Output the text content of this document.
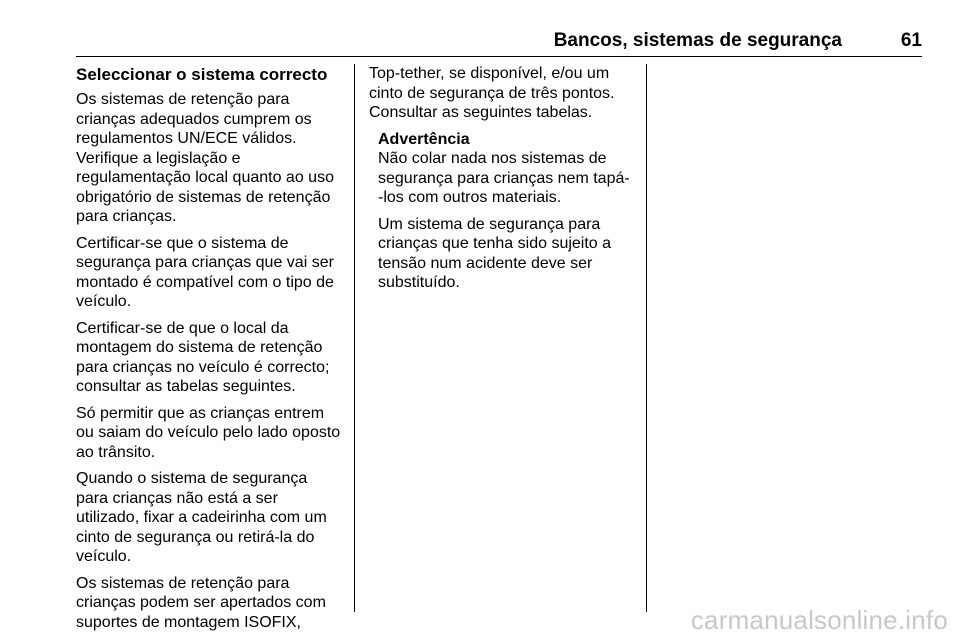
Bancos, sistemas de segurança	61
Seleccionar o sistema correcto

Os sistemas de retenção para crianças adequados cumprem os regulamentos UN/ECE válidos. Verifique a legislação e regulamentação local quanto ao uso obrigatório de sistemas de retenção para crianças.

Certificar-se que o sistema de segurança para crianças que vai ser montado é compatível com o tipo de veículo.

Certificar-se de que o local da montagem do sistema de retenção para crianças no veículo é correcto; consultar as tabelas seguintes.

Só permitir que as crianças entrem ou saiam do veículo pelo lado oposto ao trânsito.

Quando o sistema de segurança para crianças não está a ser utilizado, fixar a cadeirinha com um cinto de segurança ou retirá-la do veículo.

Os sistemas de retenção para crianças podem ser apertados com suportes de montagem ISOFIX,

Top-tether, se disponível, e/ou um cinto de segurança de três pontos. Consultar as seguintes tabelas.

Advertência

Não colar nada nos sistemas de segurança para crianças nem tapá--los com outros materiais.

Um sistema de segurança para crianças que tenha sido sujeito a tensão num acidente deve ser substituído.

carmanualsonline.info
